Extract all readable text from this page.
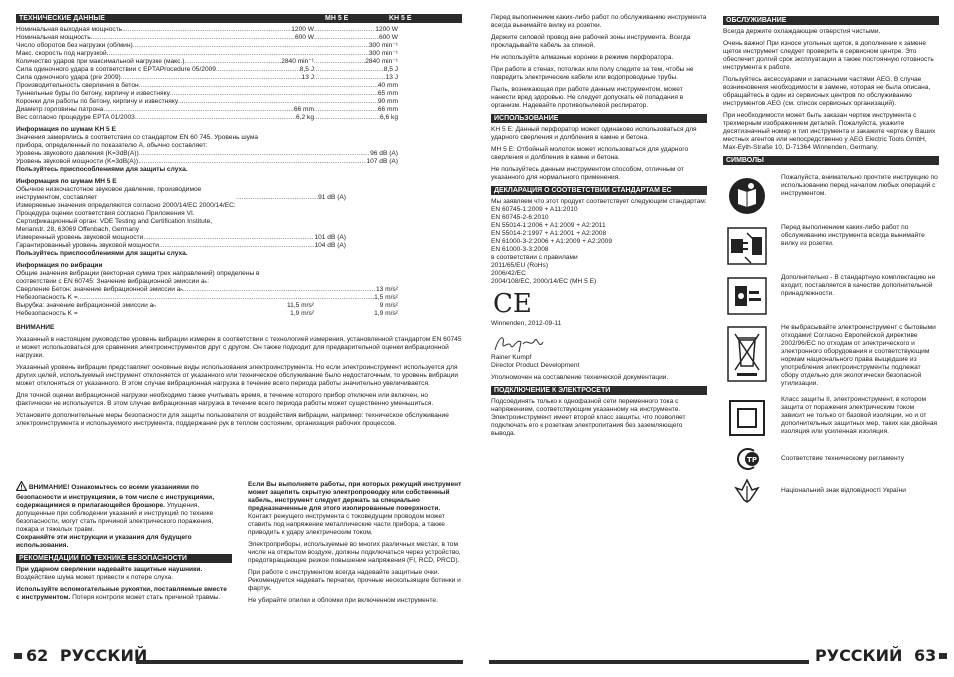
ТЕХНИЧЕСКИЕ ДАННЫЕ	MH 5 E	KH 5 E
Номинальная выходная мощность .....	1200 W .....	1200 W
Номинальная мощность .....	600 W .....	600 W
Число оборотов без нагрузки (об/мин) ..... .....	300 min⁻¹
Макс. скорость под нагрузкой ..... .....	300 min⁻¹
Количество ударов при максимальной нагрузке (макс.) .....	2840 min⁻¹ .....	2840 min⁻¹
Сила одиночного удара в соответствии с EPTAProcedure 05/2009 .....	8,5 J .....	8,5 J
Сила одиночного удара (pre 2009) .....	13 J .....	13 J
Производительность сверления в бетон ..... .....	40 mm
Туннельные буры по бетону, кирпичу и известняку ..... .....	65 mm
Коронки для работы по бетону, кирпичу и известняку ..... .....	90 mm
Диаметр горловины патрона .....	66 mm .....	66 mm
Вес согласно процедуре EPTA 01/2003 .....	6,2 kg .....	6,6 kg
Информация по шумам KH 5 E
Значения замерялись в соответствии со стандартом EN 60 745. Уровень шума прибора, определенный по показателю А, обычно составляет:
Уровень звукового давления (K=3dB(A)) .....	96 dB (A)
Уровень звуковой мощности (K=3dB(A)) .....	107 dB (A)
Пользуйтесь приспособлениями для защиты слуха.
Информация по шумам MH 5 E
Обычное низкочастотное звуковое давление, производимое инструментом, составляет .....	91 dB (A)
Измеряемые значения определяются согласно 2000/14/ЕС 2000/14/ЕС: Процедура оценки соответствия согласно Приложения VI. Сертификационный орган: VDE Testing and Certification Institute, Merianstr. 28, 63069 Offenbach, Germany
Измеренный уровень звуковой мощности .....	101 dB (A)
Гарантированный уровень звуковой мощности .....	104 dB (A)
Пользуйтесь приспособлениями для защиты слуха.
Информация по вибрации
Общие значения вибрации (векторная сумма трех направлений) определены в соответствии с EN 60745: Значение вибрационной эмиссии aₕ:
Сверление Бетон: значение вибрационной эмиссии aₕ .....	13 m/s²
Небезопасность K = .....	1,5 m/s²
Вырубка: значение вибрационной эмиссии aₕ	11,5 m/s²	9 m/s²
Небезопасность K =	1,9 m/s²	1,9 m/s²
ВНИМАНИЕ
Указанный в настоящем руководстве уровень вибрации измерен в соответствии с технологией измерения, установленной стандартом EN 60745 и может использоваться для сравнения электроинструментов друг с другом. Он также подходит для предварительной оценки вибрационной нагрузки.
Указанный уровень вибрации представляет основные виды использования электроинструмента. Но если электроинструмент используется для других целей, используемый инструмент отклоняется от указанного или техническое обслуживание было недостаточным, то уровень вибрации может отклоняться от указанного. В этом случае вибрационная нагрузка в течение всего периода работы значительно увеличивается.
Для точной оценки вибрационной нагрузки необходимо также учитывать время, в течение которого прибор отключен или включен, но фактически не используется. В этом случае вибрационная нагрузка в течение всего периода работы может существенно уменьшиться.
Установите дополнительные меры безопасности для защиты пользователя от воздействия вибрации, например: техническое обслуживание электроинструмента и используемого инструмента, поддержание рук в теплом состоянии, организация рабочих процессов.
ВНИМАНИЕ! Ознакомьтесь со всеми указаниями по безопасности и инструкциями, в том числе с инструкциями, содержащимися в прилагающейся брошюре. Упущения, допущенные при соблюдении указаний и инструкций по технике безопасности, могут стать причиной электрического поражения, пожара и тяжелых травм.
Сохраняйте эти инструкции и указания для будущего использования.
РЕКОМЕНДАЦИИ ПО ТЕХНИКЕ БЕЗОПАСНОСТИ
При ударном сверлении надевайте защитные наушники. Воздействие шума может привести к потере слуха.
Используйте вспомогательные рукоятки, поставляемые вместе с инструментом. Потеря контроля может стать причиной травмы.
Если Вы выполняете работы, при которых режущий инструмент может зацепить скрытую электропроводку или собственный кабель, инструмент следует держать за специально предназначенные для этого изолированные поверхности. Контакт режущего инструмента с токоведущим проводом может ставить под напряжение металлические части прибора, а также приводить к удару электрическим током.
Электроприборы, используемые во многих различных местах, в том числе на открытом воздухе, должны подключаться через устройство, предотвращающее резкое повышение напряжения (FI, RCD, PRCD).
При работе с инструментом всегда надевайте защитные очки. Рекомендуется надевать перчатки, прочные нескользящие ботинки и фартук.
Не убирайте опилки и обломки при включенном инструменте.
62 РУССКИЙ
Перед выполнением каких-либо работ по обслуживанию инструмента всегда вынимайте вилку из розетки.
Держите силовой провод вне рабочей зоны инструмента. Всегда прокладывайте кабель за спиной.
Не используйте алмазные коронки в режиме перфоратора.
При работе в стенах, потолках или полу следите за тем, чтобы не повредить электрические кабели или водопроводные трубы.
Пыль, возникающая при работе данным инструментом, может нанести вред здоровью. Не следует допускать её попадания в организм. Надевайте противопылевой респиратор.
ИСПОЛЬЗОВАНИЕ
KH 5 E: Данный перфоратор может одинаково использоваться для ударного сверления и долбления в камне и бетона.
MH 5 E: Отбойный молоток может использоваться для ударного сверления и долбления в камне и бетона.
Не пользуйтесь данным инструментом способом, отличным от указанного для нормального применения.
ДЕКЛАРАЦИЯ О СООТВЕТСТВИИ СТАНДАРТАМ ЕС
Мы заявляем что этот продукт соответствует следующим стандартам:
EN 60745-1:2009 + A11:2010
EN 60745-2-6:2010
EN 55014-1:2006 + A1:2009 + A2:2011
EN 55014-2:1997 + A1:2001 + A2:2008
EN 61000-3-2:2006 + A1:2009 + A2:2009
EN 61000-3-3:2008
в соответствии с правилами
2011/65/EU (RoHs)
2006/42/EC
2004/108/EC, 2000/14/EC (MH 5 E)
CE
Winnenden, 2012-09-11
Rainer Kumpf
Director Product Development
Уполномочен на составление технической документации.
ПОДКЛЮЧЕНИЕ К ЭЛЕКТРОСЕТИ
Подсоединять только к однофазной сети переменного тока с напряжением, соответствующим указанному на инструменте. Электроинструмент имеет второй класс защиты, что позволяет подключать его к розеткам электропитания без заземляющего вывода.
ОБСЛУЖИВАНИЕ
Всегда держите охлаждающие отверстия чистыми.
Очень важно! При износе угольных щеток, в дополнение к замене щеток инструмент следует проверить в сервисном центре. Это обеспечит долгий срок эксплуатации а также постоянную готовность инструмента к работе.
Пользуйтесь аксессуарами и запасными частями AEG. В случае возникновения необходимости в замене, которая не была описана, обращайтесь в один из сервисных центров по обслуживанию инструментов AEG (см. список сервисных организаций).
При необходимости может быть заказан чертеж инструмента с трехмерным изображением деталей. Пожалуйста, укажите десятизначный номер и тип инструмента и закажите чертеж у Ваших местных агентов или непосредственно у AEG Electric Tools GmbH, Max-Eyth-Straße 10, D-71364 Winnenden, Germany.
СИМВОЛЫ
Пожалуйста, внимательно прочтите инструкцию по использованию перед началом любых операций с инструментом.
Перед выполнением каких-либо работ по обслуживанию инструмента всегда вынимайте вилку из розетки.
Дополнительно - В стандартную комплектацию не входит, поставляется в качестве дополнительной принадлежности.
Не выбрасывайте электроинструмент с бытовыми отходами! Согласно Европейской директиве 2002/96/ЕС по отходам от электрического и электронного оборудования и соответствующим нормам национального права выщедшие из употребления электроинструменты подлежат сбору отдельно для экологически безопасной утилизации.
Класс защиты II, электроинструмент, в котором защита от поражения электрическим током зависит не только от базовой изоляции, но и от дополнительных защитных мер, таких как двойная изоляция или усиленная изоляция.
TP	Соответствие техническому регламенту
Національний знак відповідності України
РУССКИЙ 63
